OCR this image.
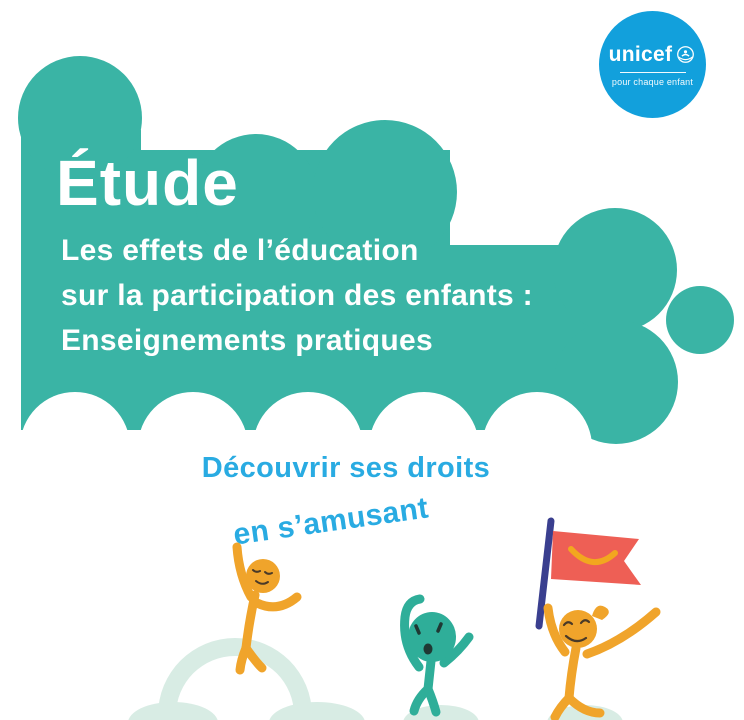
unicef
pour chaque enfant
Étude
Les effets de l’éducation
sur la participation des enfants :
Enseignements pratiques
Découvrir ses droits
en s’amusant
